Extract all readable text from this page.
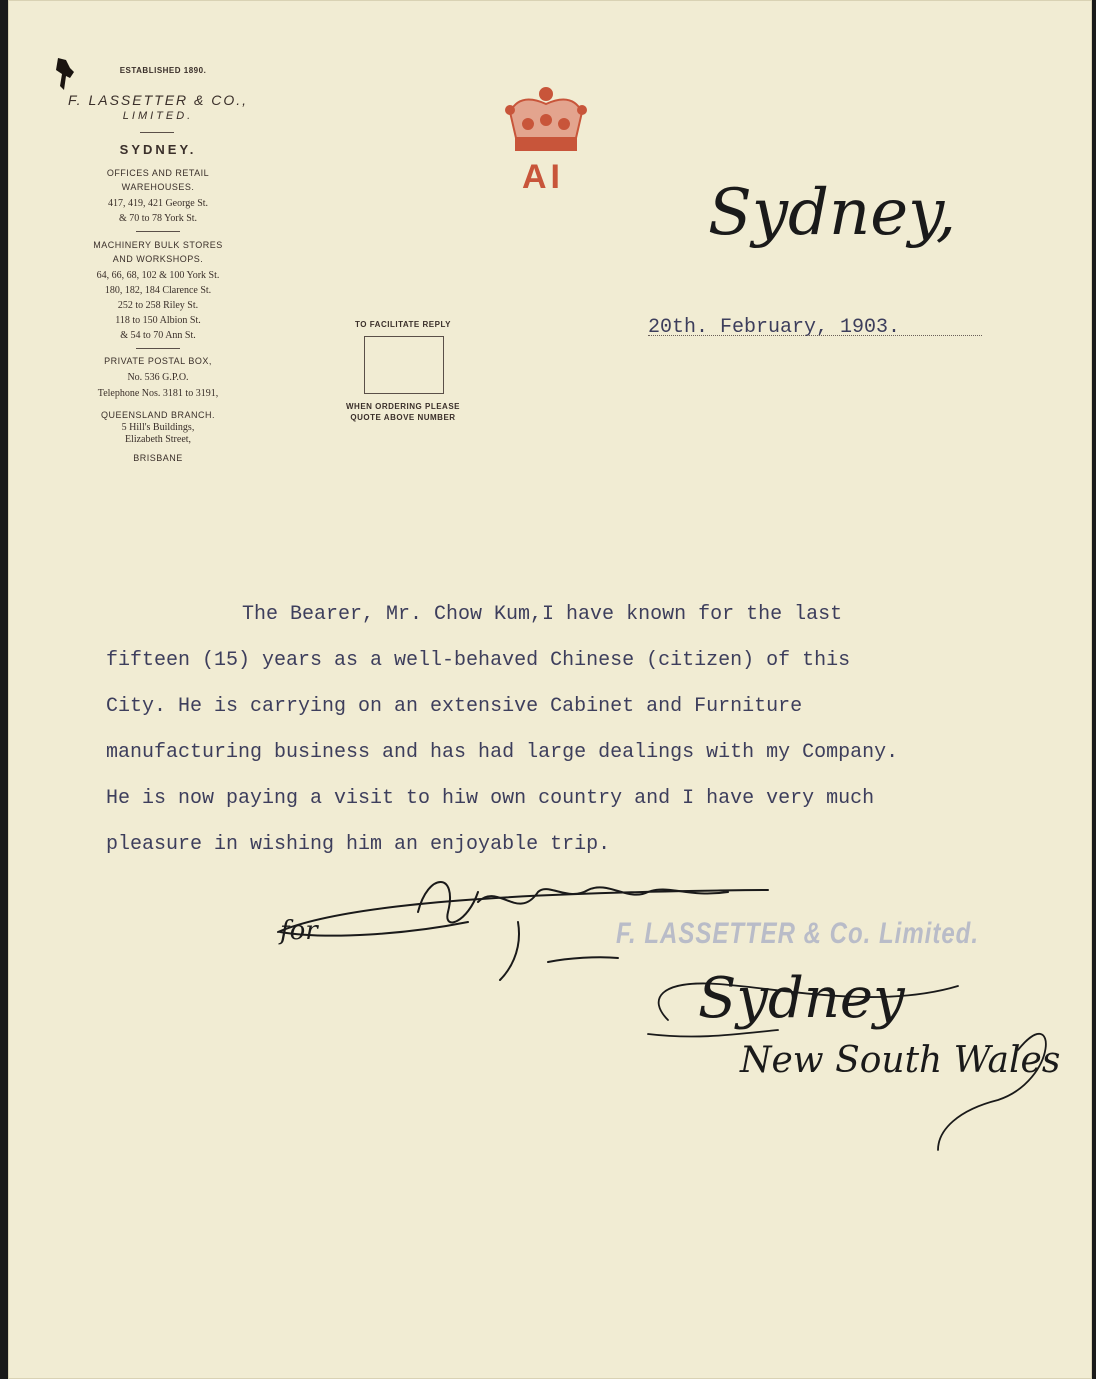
ESTABLISHED 1890.
F. LASSETTER & CO.,
LIMITED.
SYDNEY.
OFFICES AND RETAIL
WAREHOUSES.
417, 419, 421 George St.
& 70 to 78 York St.
MACHINERY BULK STORES
AND WORKSHOPS.
64, 66, 68, 102 & 100 York St.
180, 182, 184 Clarence St.
252 to 258 Riley St.
118 to 150 Albion St.
& 54 to 70 Ann St.
PRIVATE POSTAL BOX,
No. 536 G.P.O.
Telephone Nos. 3181 to 3191,
QUEENSLAND BRANCH.
5 Hill's Buildings,
Elizabeth Street,
BRISBANE
AI
TO FACILITATE REPLY
WHEN ORDERING PLEASE
QUOTE ABOVE NUMBER
Sydney,
20th. February, 1903.
The Bearer, Mr. Chow Kum,I have known for the last
fifteen (15) years as a well-behaved Chinese (citizen) of this
City. He is carrying on an extensive Cabinet and Furniture
manufacturing business and has had large dealings with my Company.
He is now paying a visit to hiw own country and I have very much
pleasure in wishing him an enjoyable trip.
for	F. LASSETTER & Co. Limited.
Sydney
New South Wales
